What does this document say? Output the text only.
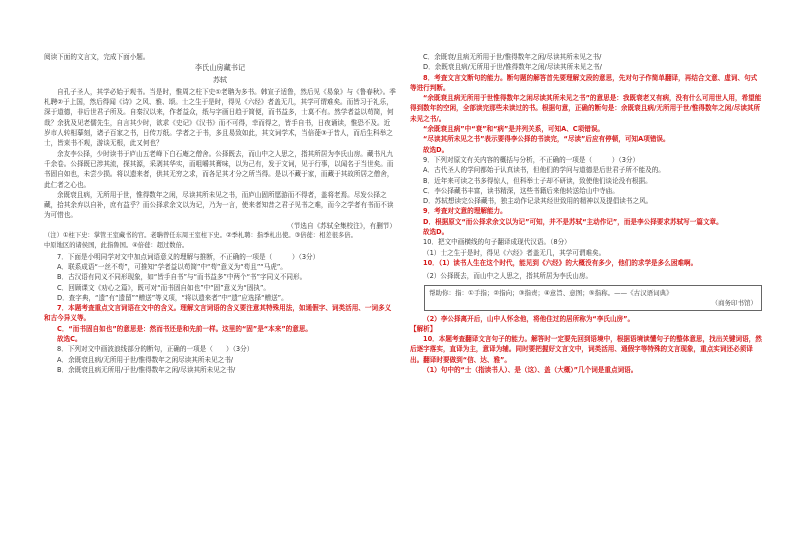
阅读下面的文言文，完成下面小题。

李氏山房藏书记
苏轼

自孔子圣人，其学必始于观书。当是时，惟周之柱下史①老聃为多书。韩宣子适鲁，然后见《易象》与《鲁春秋》。季札聘②于上国，然后得闻《诗》之风、雅、颂。士之生于是时，得见《六经》者盖无几，其学可谓难矣。而皆习于礼乐，深于道德，非后世君子所及。自秦汉以来，作者益众，纸与字画日趋于简便，而书益多，士莫不有。然学者益以苟简，何哉？余犹及见老儒先生，自言其少时，欲求《史记》《汉书》而不可得，幸而得之，皆手自书，日夜诵读，惟恐不及。近岁市人转相摹刻，诸子百家之书，日传万纸。学者之于书，多且易致如此，其文词学术，当倍蓰③于昔人，而后生科举之士，皆束书不观，游谈无根，此又何也？

余友李公择，少时读书于庐山五老峰下白石庵之僧舍。公择既去，而山中之人思之，指其所居为李氏山房。藏书凡九千余卷。公择既已涉其流，探其源，采剥其华实，而咀嚼其膏味，以为己有，发于文词，见于行事，以闻名于当世矣。而书固自如也，未尝少损。将以遗来者，供其无穷之求，而各足其才分之所当得。是以不藏于家，而藏于其故所居之僧舍，此仁者之心也。

余既衰且病，无所用于世，惟得数年之闲，尽读其所未见之书，而庐山固所愿游而不得者，盖将老焉。尽发公择之藏，拾其余弃以自补，庶有益乎？而公择求余文以为记，乃为一言，使来者知昔之君子见书之难，而今之学者有书而不读为可惜也。

（节选自《苏轼全集校注》，有删节）

（注）①柱下史：掌管王室藏书的官。老聃曾任东周王室柱下史。②季札聘：指季札出使。③倍蓰：相差很多倍。

中原地区的诸侯国，此指鲁国。④倍蓰：超过数倍。

7．下面是小明同学对文中加点词语意义的理解与推断，不正确的一项是（　　　）（3分）

A．联系成语“一丝不苟”，可推知“学者益以苟简”中“苟”意义为“苟且”“马虎”。

B．古汉语有同义不同形现象，如“皆手自书”与“而书益多”中两个“书”字同义不同形。

C．回顾课文《劝心之篇》，既可对“而书固自如也”中“固”意义为“固执”。

D．查字典，“遗”有“遗留”“赠送”等义项，“将以遗来者”中“遗”应选择“赠送”。

7．本题考查重点文言词语在文中的含义。理解文言词语的含义要注意其特殊用法，如通假字、词类活用、一词多义和古今异义等。

C．“而书固自如也”的意思是：然而书还是和先前一样。这里的“固”是“本来”的意思。

故选C。

8．下列对文中画波浪线部分的断句，正确的一项是（　　）（3分）

A．余既衰且病/无所用于世/惟得数年之闲尽读其所未见之书/

B．余既衰且病无所用/于世/惟得数年之闲/尽读其所未见之书/

C．余既衰/且病无所用于世/惟得数年之闲/尽读其所未见之书/

D．余既衰且病/无所用于世/惟得数年之闲/尽读其所未见之书/

8．考查文言文断句的能力。断句题的解答首先要理解文段的意思，先对句子作简单翻译，再结合文意、虚词、句式等进行判断。

“余既衰且病无所用于世惟得数年之闲尽读其所未见之书”的意思是：我既衰老又有病，没有什么可用世人用，希望能得到数年的空闲，全部读完那些未读过的书。根据句意，正确的断句是：余既衰且病/无所用于世/惟得数年之闲/尽读其所未见之书/。

“余既衰且病”中“衰”和“病”是并列关系，可知A、C项错误。

“尽读其所未见之书”表示要得李公择的书读完，“尽读”后应有停顿，可知A项错误。

故选D。

9．下列对原文有关内容的概括与分析，不正确的一项是（　　　）（3分）

A．古代圣人的学问都始于认真读书，但他们的学问与道德是后世君子所不能及的。

B．近年来可读之书多得惊人，但科举士子却不研读，致使他们谈论没有根据。

C．李公择藏书丰富，读书精深，这些书籍后来他转送给山中寺庙。

D．苏轼想读完公择藏书，独主动作记录其经世致用的精神以及提倡读书之风。

9．考查对文意的理解能力。

D．根据原文“而公择求余文以为记”可知，并不是苏轼“主动作记”，而是李公择要求苏轼写一篇文章。

故选D。

10．把文中画横线的句子翻译成现代汉语。（8分）

（1）士之生于是时，得见《六经》者盖无几，其学可谓难矣。

10．（1）读书人生在这个时代，能见到《六经》的大概没有多少，他们的求学是多么困难啊。

（2）公择既去，而山中之人思之，指其所居为李氏山房。

帮助你：指：①手指；②指向；③指责；④意旨、意图；⑤指称。——《古汉语词典》
（商务印书馆）

（2）李公择离开后，山中人怀念他，将他住过的居所称为“李氏山房”。

【解析】

10．本题考查翻译文言句子的能力。解答时一定要先回到语境中，根据语境读懂句子的整体意思，找出关键词语，然后逐字落实，直译为主，意译为辅。同时要把握好文言文中，词类活用、通假字等特殊的文言现象，重点实词还必须译出。翻译时要做到“信、达、雅”。

（1）句中的“士（指读书人）、是（这）、盖（大概）”几个词是重点词语。
